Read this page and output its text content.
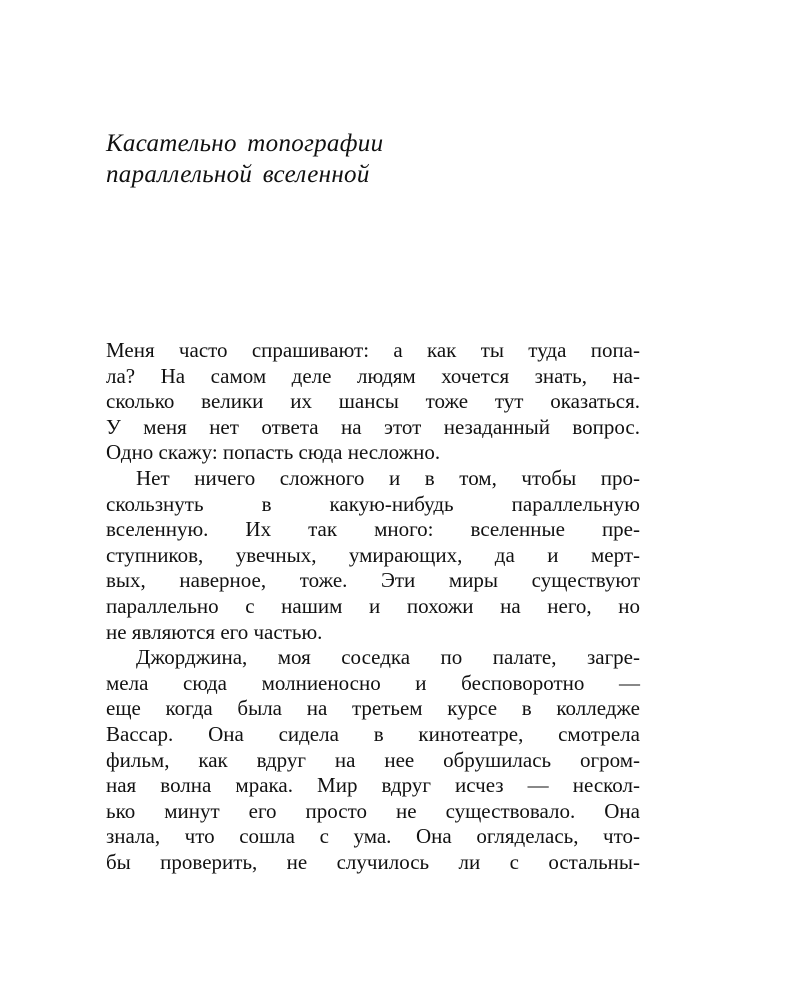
Касательно топографии
параллельной вселенной
Меня часто спрашивают: а как ты туда попа-
ла? На самом деле людям хочется знать, на-
сколько велики их шансы тоже тут оказаться.
У меня нет ответа на этот незаданный вопрос.
Одно скажу: попасть сюда несложно.
Нет ничего сложного и в том, чтобы про-
скользнуть в какую-нибудь параллельную
вселенную. Их так много: вселенные пре-
ступников, увечных, умирающих, да и мерт-
вых, наверное, тоже. Эти миры существуют
параллельно с нашим и похожи на него, но
не являются его частью.
Джорджина, моя соседка по палате, загре-
мела сюда молниеносно и бесповоротно —
еще когда была на третьем курсе в колледже
Вассар. Она сидела в кинотеатре, смотрела
фильм, как вдруг на нее обрушилась огром-
ная волна мрака. Мир вдруг исчез — нескол-
ько минут его просто не существовало. Она
знала, что сошла с ума. Она огляделась, что-
бы проверить, не случилось ли с остальны-
